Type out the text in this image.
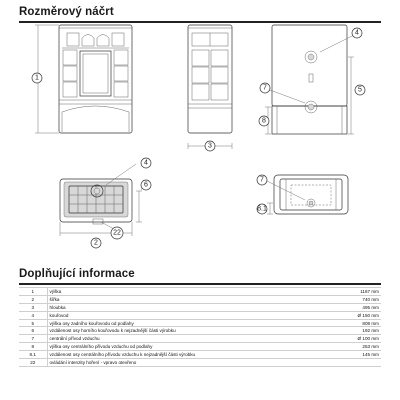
Rozměrový náčrt
1
3
4
5
7
8
4
6
22
2
7
8.1
Doplňující informace
1	výška	1167 mm
2	šířka	740 mm
3	hloubka	495 mm
4	kouřovod	Ø 150 mm
5	výška osy zadního kouřovodu od podlahy	808 mm
6	vzdálenost osy horního kouřovodu k nejzadnější části výrobku	192 mm
7	centrální přívod vzduchu	Ø 100 mm
8	výška osy centrálního přívodu vzduchu od podlahy	253 mm
8.1	vzdálenost osy centrálního přívodu vzduchu k nejzadnější části výrobku	145 mm
22	ovládání intenzity hoření - vpravo otevřeno	
